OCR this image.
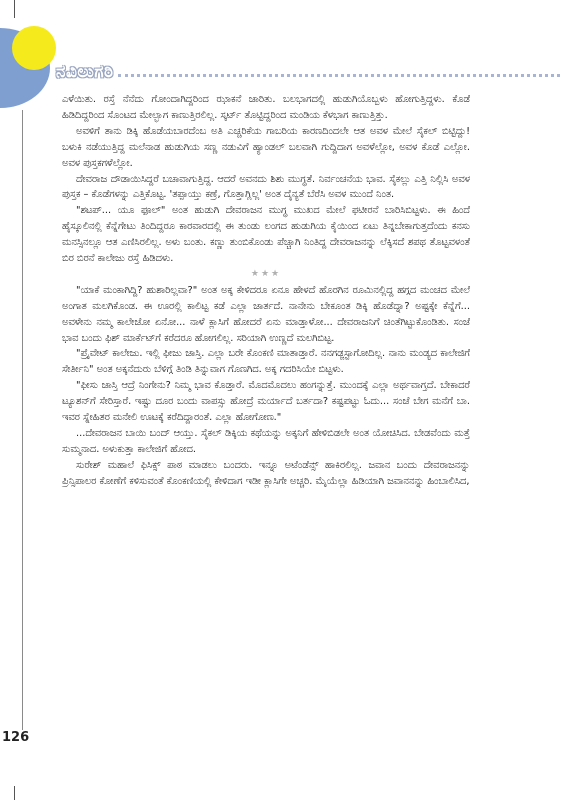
ನವಿಲುಗರಿ

ಎಳೆಯಿತು. ರಸ್ತೆ ನೆನೆದು ಗೋಂದಾಗಿದ್ದರಿಂದ ಝಾಕನೆ ಜಾರಿತು. ಬಲಭಾಗದಲ್ಲಿ ಹುಡುಗಿಯೊಬ್ಬಳು ಹೋಗುತ್ತಿದ್ದಳು. ಕೊಡೆ ಹಿಡಿದಿದ್ದರಿಂದ ಸೊಂಟದ ಮೇಲ್ಭಾಗ ಕಾಣುತ್ತಿರಲಿಲ್ಲ. ಸ್ಕರ್ಟ್ ತೊಟ್ಟಿದ್ದರಿಂದ ಮಂಡಿಯ ಕೆಳಭಾಗ ಕಾಣುತ್ತಿತ್ತು.

ಅವಳಿಗೆ ತಾನು ಡಿಕ್ಕಿ ಹೊಡೆಯಬಾರದೆಂಬ ಅತಿ ಎಚ್ಚರಿಕೆಯ ಗಾಬರಿಯ ಕಾರಣದಿಂದಲೇ ಆತ ಅವಳ ಮೇಲೆ ಸೈಕಲ್ ಬಿಟ್ಟಿದ್ದು! ಬಳುಕಿ ನಡೆಯುತ್ತಿದ್ದ ಮಲೆನಾಡ ಹುಡುಗಿಯ ಸಣ್ಣ ನಡುವಿಗೆ ಹ್ಯಾಂಡಲ್ ಬಲವಾಗಿ ಗುದ್ದಿದಾಗ ಅವಳೆಲ್ಲೋ, ಅವಳ ಕೊಡೆ ಎಲ್ಲೋ. ಅವಳ ಪುಸ್ತಕಗಳೆಲ್ಲೋ.

ದೇವರಾಜ ದೌಡಾಯಿಸಿದ್ದರೆ ಬಚಾವಾಗುತ್ತಿದ್ದ. ಆದರೆ ಅವನದು ಶಿಶು ಮುಗ್ಧತೆ. ನಿರ್ವಂಚನೆಯ ಭಾವ. ಸೈಕಲ್ಲು ಎತ್ತಿ ನಿಲ್ಲಿಸಿ ಅವಳ ಪುಸ್ತಕ – ಕೊಡೆಗಳನ್ನು ಎತ್ತಿಕೊಟ್ಟ. 'ತಪ್ಪಾಯ್ತು ಕಣ್ರೆ, ಗೊತ್ತಾಗ್ಲಿಲ್ಲ' ಅಂತ ದೈನ್ಯತೆ ಬೆರೆಸಿ ಅವಳ ಮುಂದೆ ನಿಂತ.

"ಶಟಪ್... ಯೂ ಫೂಲ್" ಅಂತ ಹುಡುಗಿ ದೇವರಾಜನ ಮುಗ್ಧ ಮುಖದ ಮೇಲೆ ಫಟೀರನೆ ಬಾರಿಸಿಬಿಟ್ಟಳು. ಈ ಹಿಂದೆ ಹೈಸ್ಕೂಲಿನಲ್ಲಿ ಕೆನ್ನೆಗೇಟು ತಿಂದಿದ್ದರೂ ಕಾರವಾರದಲ್ಲಿ ಈ ತುಂಡು ಲಂಗದ ಹುಡುಗಿಯ ಕೈಯಿಂದ ಏಟು ತಿನ್ನಬೇಕಾಗುತ್ತದೆಂದು ಕನಸು ಮನಸ್ಸಿನಲ್ಲೂ ಆತ ಎಣಿಸಿರಲಿಲ್ಲ. ಅಳು ಬಂತು. ಕಣ್ಣು ತುಂಬಿಕೊಂಡು ಪೆಚ್ಚಾಗಿ ನಿಂತಿದ್ದ ದೇವರಾಜನನ್ನು ಲೆಕ್ಕಿಸದೆ ಶಪಥ ತೊಟ್ಟವಳಂತೆ ಬಿರ ಬಿರನೆ ಕಾಲೇಜು ರಸ್ತೆ ಹಿಡಿದಳು.

★★★

"ಯಾಕೆ ಮಂಕಾಗಿದ್ದಿ? ಹುಶಾರಿಲ್ಲವಾ?" ಅಂತ ಅಕ್ಕ ಕೇಳಿದರೂ ಏನೂ ಹೇಳದೆ ಹೊರಗಿನ ರೂಮಿನಲ್ಲಿದ್ದ ಹಗ್ಗದ ಮಂಚದ ಮೇಲೆ ಅಂಗಾತ ಮಲಗಿಕೊಂಡ. ಈ ಊರಲ್ಲಿ ಕಾಲಿಟ್ಟ ಕಡೆ ಎಲ್ಲಾ ಜಾರ್ತದೆ. ನಾನೇನು ಬೇಕೂಂತ ಡಿಕ್ಕಿ ಹೊಡೆದ್ನಾ? ಅಷ್ಟಕ್ಕೇ ಕೆನ್ನೆಗೆ... ಅವಳೇನು ನಮ್ಮ ಕಾಲೇಜೋ ಏನೋ... ನಾಳೆ ಕ್ಲಾಸಿಗೆ ಹೋದರೆ ಏನು ಮಾಡ್ತಾಳೋ... ದೇವರಾಜನಿಗೆ ಚಿಂತೆಗಿಟ್ಟುಕೊಂಡಿತು. ಸಂಜೆ ಭಾವ ಬಂದು ಫಿಶ್ ಮಾರ್ಕೆಟ್‌ಗೆ ಕರೆದರೂ ಹೋಗಲಿಲ್ಲ. ಸರಿಯಾಗಿ ಉಣ್ಣದೆ ಮಲಗಿಬಿಟ್ಟ.

"ಪ್ರೈವೇಟ್ ಕಾಲೇಜು. ಇಲ್ಲಿ ಫೀಜು ಜಾಸ್ತಿ. ಎಲ್ಲಾ ಬರೇ ಕೊಂಕಣಿ ಮಾತಾಡ್ತಾರೆ. ನನಗಡ್ಜಸ್ಟಾಗೋದಿಲ್ಲ. ನಾನು ಮಂಡ್ಯದ ಕಾಲೇಜಿಗೆ ಸೇರ್ತೀನಿ" ಅಂತ ಅಕ್ಕನೆದುರು ಬೆಳಿಗ್ಗೆ ತಿಂಡಿ ತಿನ್ನುವಾಗ ಗೊಣಗಿದ. ಅಕ್ಕ ಗದರಿಸಿಯೇ ಬಿಟ್ಟಳು.

"ಫೀಸು ಜಾಸ್ತಿ ಆದ್ರೆ ನಿಂಗೇನು? ನಿಮ್ಮ ಭಾವ ಕೊಡ್ತಾರೆ. ಮೊದಮೊದಲು ಹಂಗನ್ನುತ್ತೆ. ಮುಂದಕ್ಕೆ ಎಲ್ಲಾ ಅರ್ಥವಾಗ್ತದೆ. ಬೇಕಾದರೆ ಟ್ಯೂಶನ್‌ಗೆ ಸೇರಿಸ್ತಾರೆ. ಇಷ್ಟು ದೂರ ಬಂದು ವಾಪಸ್ಸು ಹೋದ್ರೆ ಮರ್ಯಾದೆ ಬರ್ತದಾ? ಕಷ್ಟಪಟ್ಟು ಓದು... ಸಂಜೆ ಬೇಗ ಮನೆಗೆ ಬಾ. ಇವರ ಸ್ನೇಹಿತರ ಮನೇಲಿ ಊಟಕ್ಕೆ ಕರೆದಿದ್ದಾರಂತೆ. ಎಲ್ಲಾ ಹೋಗೋಣ."

...ದೇವರಾಜನ ಬಾಯಿ ಬಂದ್ ಆಯ್ತು. ಸೈಕಲ್ ಡಿಕ್ಕಿಯ ಕಥೆಯನ್ನು ಅಕ್ಕನಿಗೆ ಹೇಳಿಬಿಡಲೇ ಅಂತ ಯೋಚಿಸಿದ. ಬೇಡವೆಂದು ಮತ್ತೆ ಸುಮ್ಮನಾದ. ಅಳುಕುತ್ತಾ ಕಾಲೇಜಿಗೆ ಹೋದ.

ಸುರೇಶ್ ಮಹಾಲೆ ಫಿಸಿಕ್ಸ್ ಪಾಠ ಮಾಡಲು ಬಂದರು. ಇನ್ನೂ ಅಟೆಂಡೆನ್ಸ್ ಹಾಕಿರಲಿಲ್ಲ. ಜವಾನ ಬಂದು ದೇವರಾಜನನ್ನು ಪ್ರಿನ್ಸಿಪಾಲರ ಕೋಣೆಗೆ ಕಳಿಸುವಂತೆ ಕೊಂಕಣಿಯಲ್ಲಿ ಕೇಳಿದಾಗ ಇಡೀ ಕ್ಲಾಸಿಗೇ ಅಚ್ಚರಿ. ಮೈಯೆಲ್ಲಾ ಹಿಡಿಯಾಗಿ ಜವಾನನನ್ನು ಹಿಂಬಾಲಿಸಿದ,

126
